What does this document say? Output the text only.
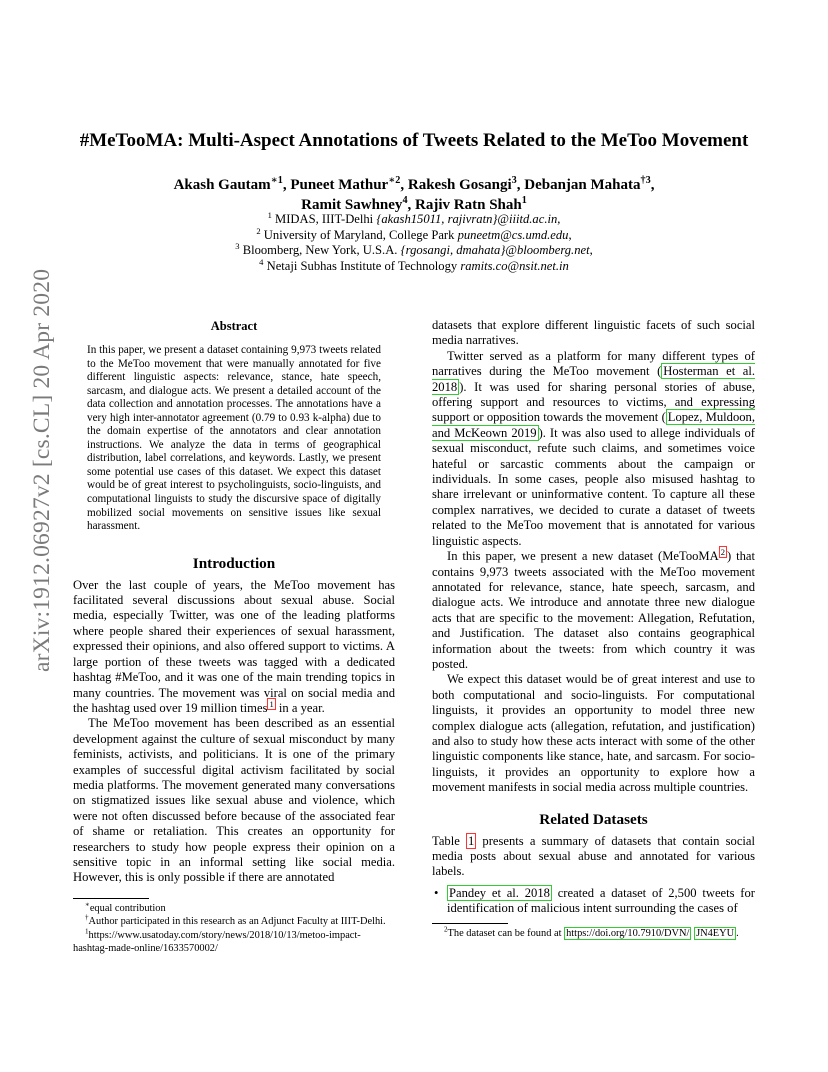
arXiv:1912.06927v2 [cs.CL] 20 Apr 2020
#MeTooMA: Multi-Aspect Annotations of Tweets Related to the MeToo Movement
Akash Gautam$^{∗1}$, Puneet Mathur$^{∗2}$, Rakesh Gosangi$^3$, Debanjan Mahata$^{\dagger 3}$,
Ramit Sawhney$^4$, Rajiv Ratn Shah$^1$
$^1$ MIDAS, IIIT-Delhi {akash15011, rajivratn}@iiitd.ac.in,
$^2$ University of Maryland, College Park puneetm@cs.umd.edu,
$^3$ Bloomberg, New York, U.S.A. {rgosangi, dmahata}@bloomberg.net,
$^4$ Netaji Subhas Institute of Technology ramits.co@nsit.net.in
Abstract

In this paper, we present a dataset containing 9,973 tweets related to the MeToo movement that were manually annotated for five different linguistic aspects: relevance, stance, hate speech, sarcasm, and dialogue acts. We present a detailed account of the data collection and annotation processes. The annotations have a very high inter-annotator agreement (0.79 to 0.93 k-alpha) due to the domain expertise of the annotators and clear annotation instructions. We analyze the data in terms of geographical distribution, label correlations, and keywords. Lastly, we present some potential use cases of this dataset. We expect this dataset would be of great interest to psycholinguists, socio-linguists, and computational linguists to study the discursive space of digitally mobilized social movements on sensitive issues like sexual harassment.

Introduction

Over the last couple of years, the MeToo movement has facilitated several discussions about sexual abuse. Social media, especially Twitter, was one of the leading platforms where people shared their experiences of sexual harassment, expressed their opinions, and also offered support to victims. A large portion of these tweets was tagged with a dedicated hashtag #MeToo, and it was one of the main trending topics in many countries. The movement was viral on social media and the hashtag used over 19 million times $^1$ in a year.

The MeToo movement has been described as an essential development against the culture of sexual misconduct by many feminists, activists, and politicians. It is one of the primary examples of successful digital activism facilitated by social media platforms. The movement generated many conversations on stigmatized issues like sexual abuse and violence, which were not often discussed before because of the associated fear of shame or retaliation. This creates an opportunity for researchers to study how people express their opinion on a sensitive topic in an informal setting like social media. However, this is only possible if there are annotated

∗equal contribution

†Author participated in this research as an Adjunct Faculty at IIIT-Delhi.

$^1$https://www.usatoday.com/story/news/2018/10/13/metoo-impact-hashtag-made-online/1633570002/

datasets that explore different linguistic facets of such social media narratives.

Twitter served as a platform for many different types of narratives during the MeToo movement ( Hosterman et al. 2018 ). It was used for sharing personal stories of abuse, offering support and resources to victims, and expressing support or opposition towards the movement ( Lopez, Muldoon, and McKeown 2019 ). It was also used to allege individuals of sexual misconduct, refute such claims, and sometimes voice hateful or sarcastic comments about the campaign or individuals. In some cases, people also misused hashtag to share irrelevant or uninformative content. To capture all these complex narratives, we decided to curate a dataset of tweets related to the MeToo movement that is annotated for various linguistic aspects.

In this paper, we present a new dataset (MeTooMA $^2$ ) that contains 9,973 tweets associated with the MeToo movement annotated for relevance, stance, hate speech, sarcasm, and dialogue acts. We introduce and annotate three new dialogue acts that are specific to the movement: Allegation, Refutation, and Justification. The dataset also contains geographical information about the tweets: from which country it was posted.

We expect this dataset would be of great interest and use to both computational and socio-linguists. For computational linguists, it provides an opportunity to model three new complex dialogue acts (allegation, refutation, and justification) and also to study how these acts interact with some of the other linguistic components like stance, hate, and sarcasm. For socio-linguists, it provides an opportunity to explore how a movement manifests in social media across multiple countries.

Related Datasets

Table 1 presents a summary of datasets that contain social media posts about sexual abuse and annotated for various labels.

• Pandey et al. 2018 created a dataset of 2,500 tweets for identification of malicious intent surrounding the cases of

$^2$The dataset can be found at https://doi.org/10.7910/DVN/ JN4EYU .
